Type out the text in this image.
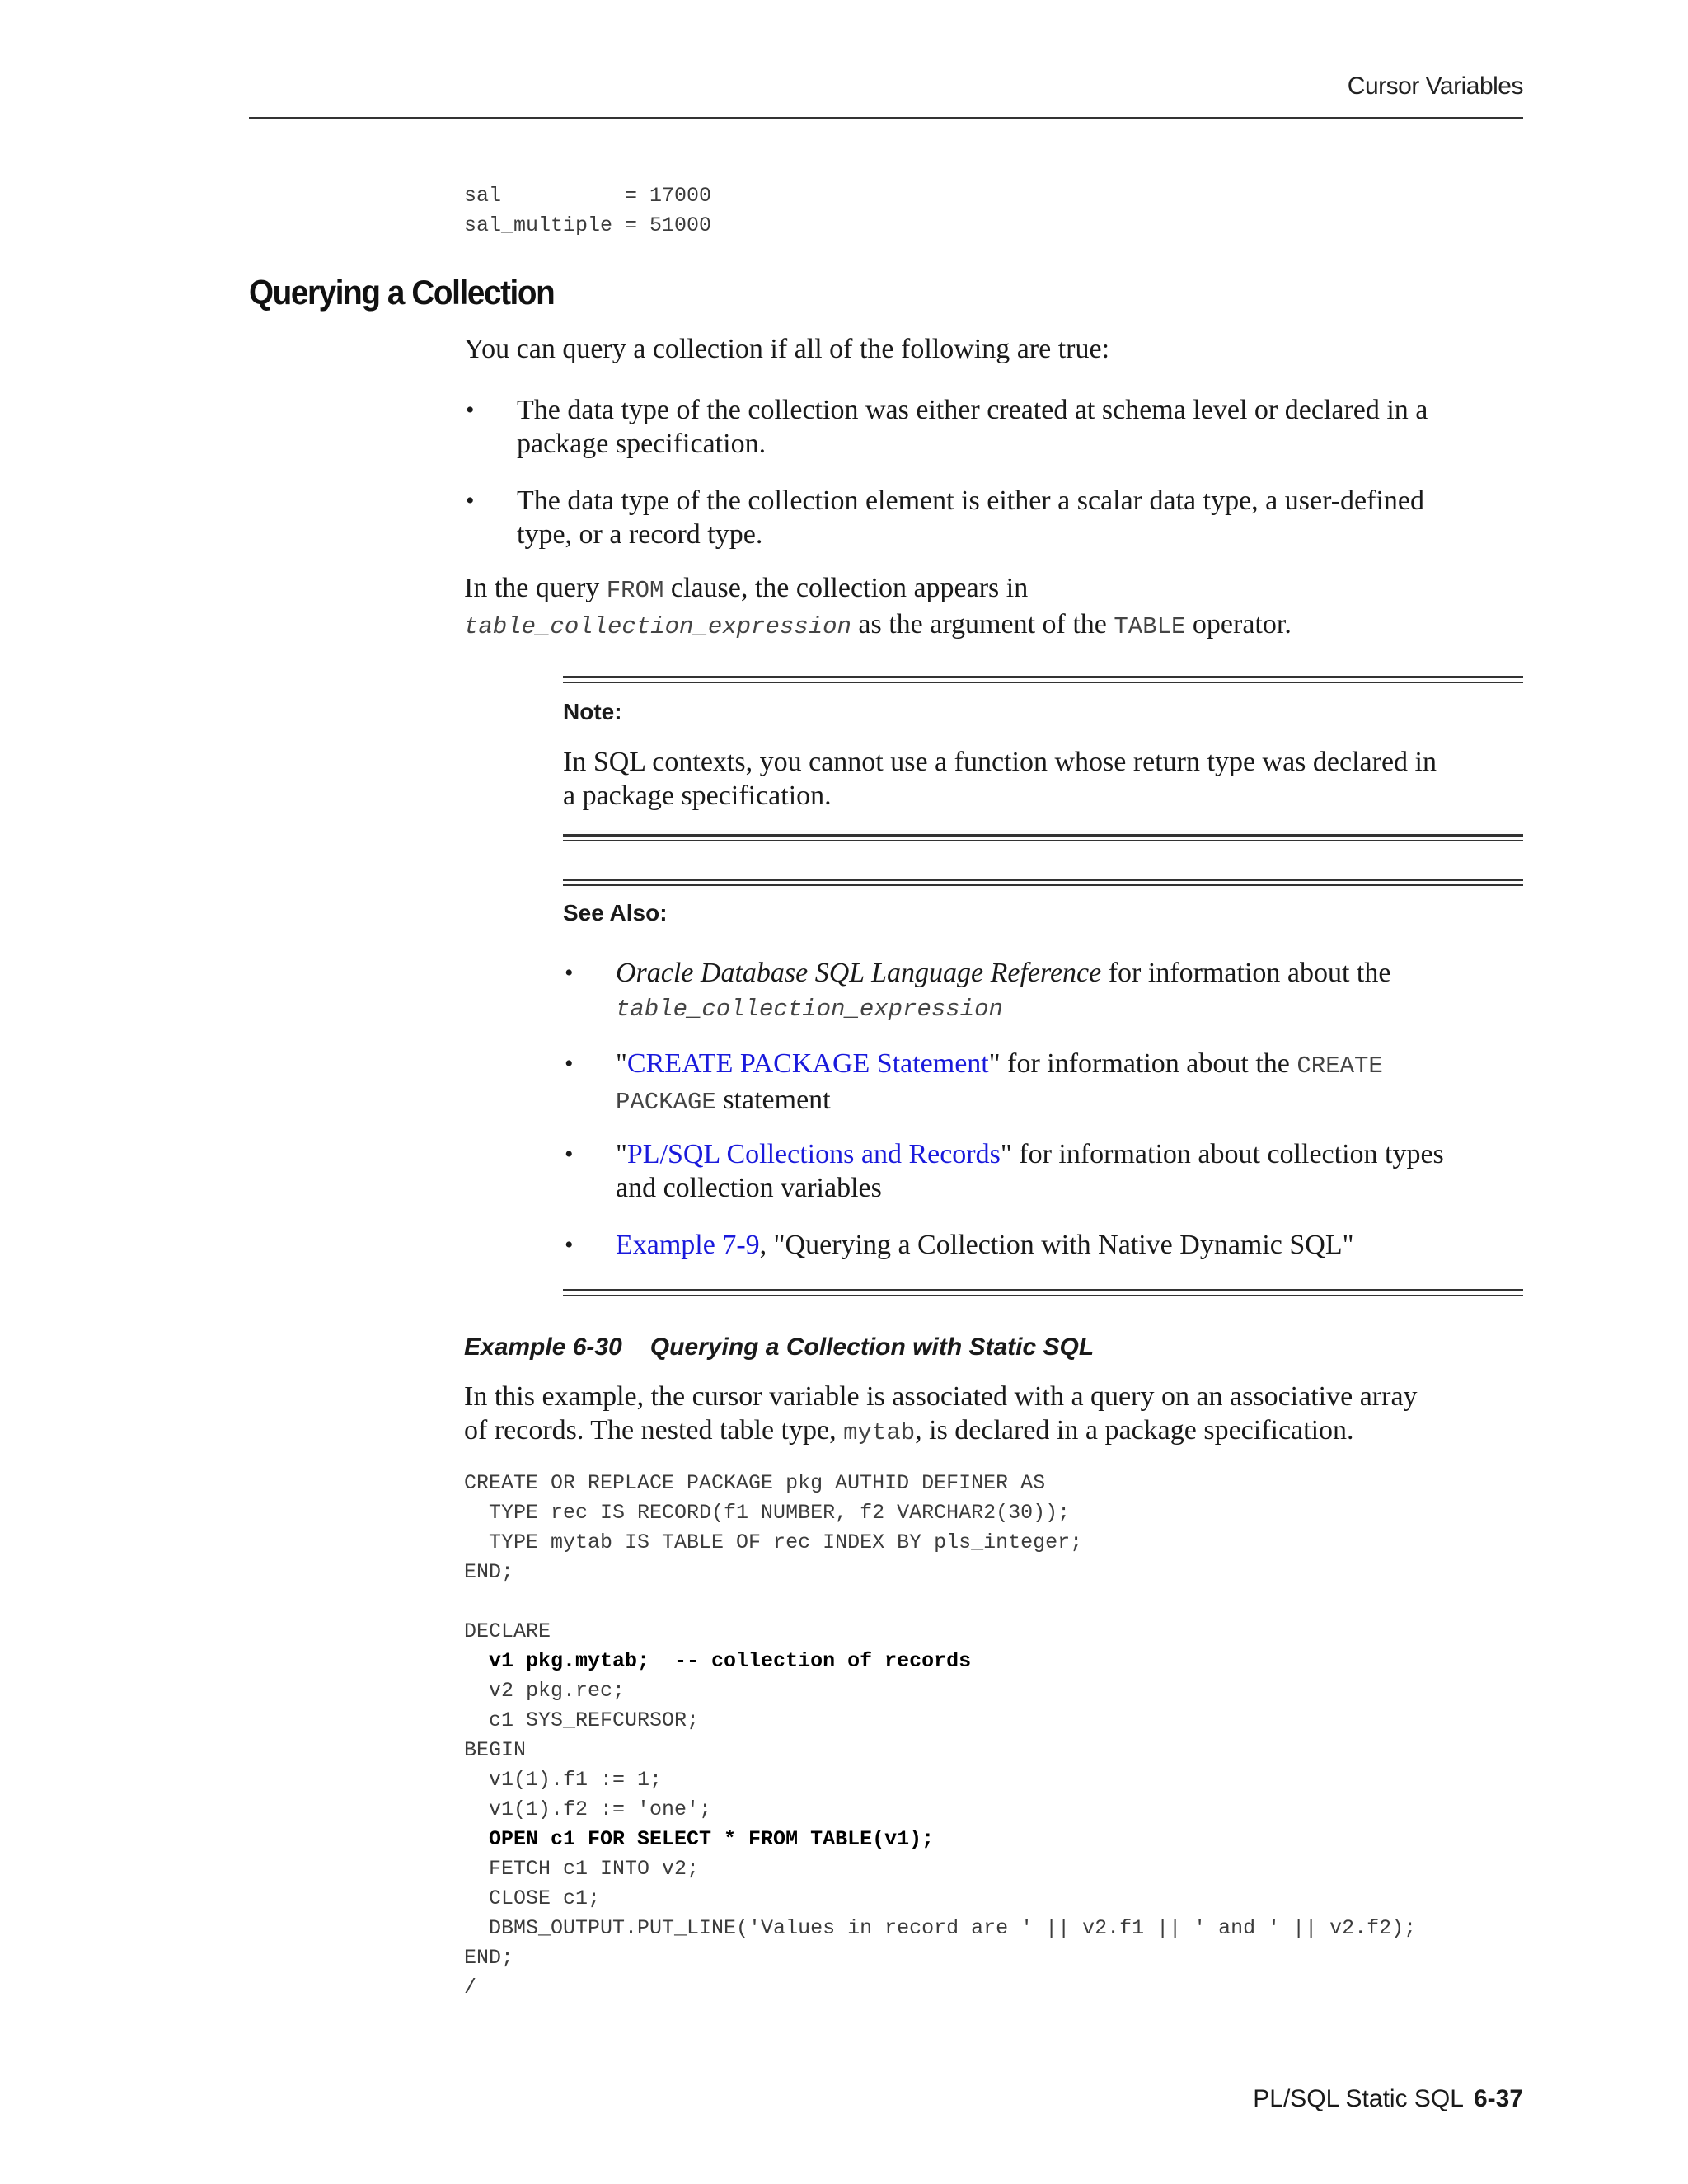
Cursor Variables
sal          = 17000
sal_multiple = 51000
Querying a Collection
You can query a collection if all of the following are true:
• The data type of the collection was either created at schema level or declared in a
package specification.
• The data type of the collection element is either a scalar data type, a user-defined
type, or a record type.
In the query FROM clause, the collection appears in
table_collection_expression as the argument of the TABLE operator.
Note:
In SQL contexts, you cannot use a function whose return type was declared in
a package specification.
See Also:
• Oracle Database SQL Language Reference for information about the
table_collection_expression
• "CREATE PACKAGE Statement" for information about the CREATE
PACKAGE statement
• "PL/SQL Collections and Records" for information about collection types
and collection variables
• Example 7-9, "Querying a Collection with Native Dynamic SQL"
Example 6-30 Querying a Collection with Static SQL
In this example, the cursor variable is associated with a query on an associative array
of records. The nested table type, mytab, is declared in a package specification.
CREATE OR REPLACE PACKAGE pkg AUTHID DEFINER AS
TYPE rec IS RECORD(f1 NUMBER, f2 VARCHAR2(30));
TYPE mytab IS TABLE OF rec INDEX BY pls_integer;
END;

DECLARE
v1 pkg.mytab;  -- collection of records
v2 pkg.rec;
c1 SYS_REFCURSOR;
BEGIN
v1(1).f1 := 1;
v1(1).f2 := 'one';
OPEN c1 FOR SELECT * FROM TABLE(v1);
FETCH c1 INTO v2;
CLOSE c1;
DBMS_OUTPUT.PUT_LINE('Values in record are ' || v2.f1 || ' and ' || v2.f2);
END;
/
PL/SQL Static SQL 6-37
